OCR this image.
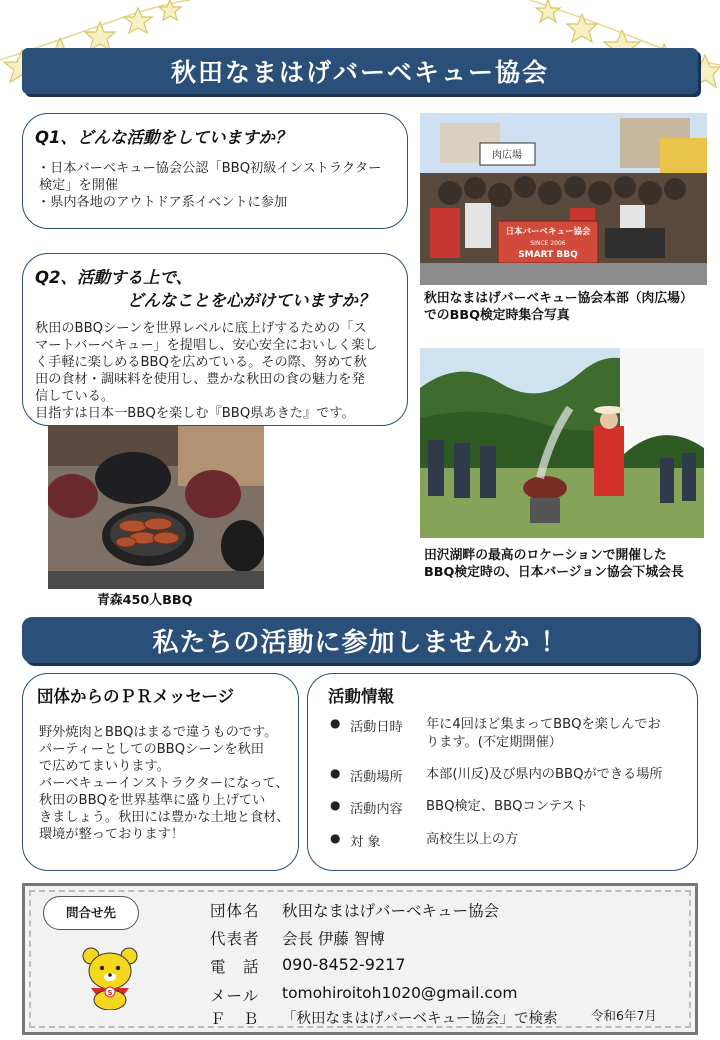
秋田なまはげバーベキュー協会
Q1、どんな活動をしていますか？
・日本バーベキュー協会公認「BBQ初級インストラクター
検定」を開催
・県内各地のアウトドア系イベントに参加
Q2、活動する上で、
どんなことを心がけていますか？
秋田のBBQシーンを世界レベルに底上げするための「ス
マートバーベキュー」を提唱し、安心安全においしく楽し
く手軽に楽しめるBBQを広めている。その際、努めて秋
田の食材・調味料を使用し、豊かな秋田の食の魅力を発
信している。
目指すは日本一BBQを楽しむ『BBQ県あきた』です。
肉広場
日本バーベキュー協会
SINCE 2006
SMART BBQ
秋田なまはげバーベキュー協会本部（肉広場）
でのBBQ検定時集合写真
田沢湖畔の最高のロケーションで開催した
BBQ検定時の、日本バージョン協会下城会長
青森450人BBQ
私たちの活動に参加しませんか ！
団体からのＰＲメッセージ
野外焼肉とBBQはまるで違うものです。
パーティーとしてのBBQシーンを秋田
で広めてまいります。
バーベキューインストラクターになって、
秋田のBBQを世界基準に盛り上げてい
きましょう。秋田には豊かな土地と食材、
環境が整っております！
活動情報
● 活動日時	年に4回ほど集まってBBQを楽しんでお
ります。(不定期開催）
● 活動場所	本部(川反)及び県内のBBQができる場所
● 活動内容	BBQ検定、BBQコンテスト
● 対 象	高校生以上の方
問合せ先
S
団体名	秋田なまはげバーベキュー協会
代表者	会長 伊藤 智博
電　話	090-8452-9217
メール	tomohiroitoh1020@gmail.com
Ｆ　Ｂ	「秋田なまはげバーベキュー協会」で検索	令和6年7月
